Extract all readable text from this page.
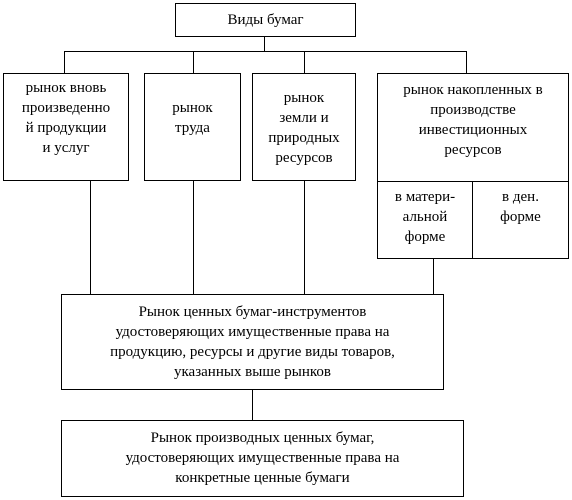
Виды бумаг
рынок вновь
произведенно
й продукции
и услуг
рынок
труда
рынок
земли и
природных
ресурсов
рынок накопленных в
производстве
инвестиционных
ресурсов
в матери-
альной
форме
в ден.
форме
Рынок ценных бумаг-инструментов
удостоверяющих имущественные права на
продукцию, ресурсы и другие виды товаров,
указанных выше рынков
Рынок производных ценных бумаг,
удостоверяющих имущественные права на
конкретные ценные бумаги
